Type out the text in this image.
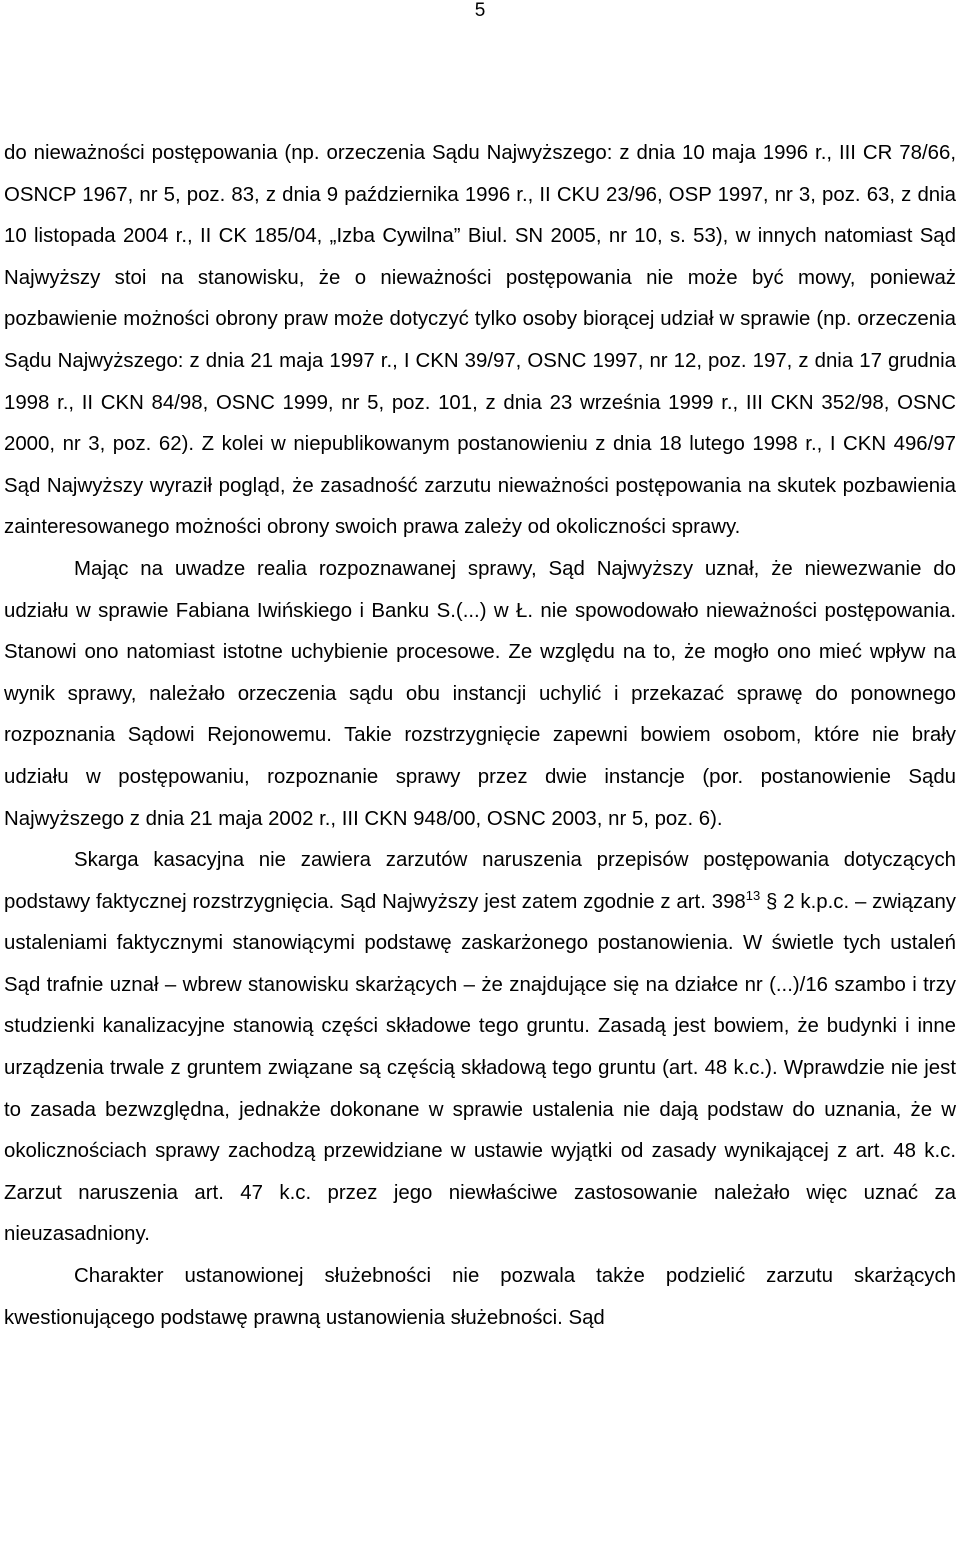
5

do nieważności postępowania (np. orzeczenia Sądu Najwyższego: z dnia 10 maja 1996 r., III CR 78/66, OSNCP 1967, nr 5, poz. 83, z dnia 9 października 1996 r., II CKU 23/96, OSP 1997, nr 3, poz. 63, z dnia 10 listopada 2004 r., II CK 185/04, „Izba Cywilna” Biul. SN 2005, nr 10, s. 53), w innych natomiast Sąd Najwyższy stoi na stanowisku, że o nieważności postępowania nie może być mowy, ponieważ pozbawienie możności obrony praw może dotyczyć tylko osoby biorącej udział w sprawie (np. orzeczenia Sądu Najwyższego: z dnia 21 maja 1997 r., I CKN 39/97, OSNC 1997, nr 12, poz. 197, z dnia 17 grudnia 1998 r., II CKN 84/98, OSNC 1999, nr 5, poz. 101, z dnia 23 września 1999 r., III CKN 352/98, OSNC 2000, nr 3, poz. 62). Z kolei w niepublikowanym postanowieniu z dnia 18 lutego 1998 r., I CKN 496/97 Sąd Najwyższy wyraził pogląd, że zasadność zarzutu nieważności postępowania na skutek pozbawienia zainteresowanego możności obrony swoich prawa zależy od okoliczności sprawy.

Mając na uwadze realia rozpoznawanej sprawy, Sąd Najwyższy uznał, że niewezwanie do udziału w sprawie Fabiana Iwińskiego i Banku S.(...) w Ł. nie spowodowało nieważności postępowania. Stanowi ono natomiast istotne uchybienie procesowe. Ze względu na to, że mogło ono mieć wpływ na wynik sprawy, należało orzeczenia sądu obu instancji uchylić i przekazać sprawę do ponownego rozpoznania Sądowi Rejonowemu. Takie rozstrzygnięcie zapewni bowiem osobom, które nie brały udziału w postępowaniu, rozpoznanie sprawy przez dwie instancje (por. postanowienie Sądu Najwyższego z dnia 21 maja 2002 r., III CKN 948/00, OSNC 2003, nr 5, poz. 6).

Skarga kasacyjna nie zawiera zarzutów naruszenia przepisów postępowania dotyczących podstawy faktycznej rozstrzygnięcia. Sąd Najwyższy jest zatem zgodnie z art. $398^{13}$ § 2 k.p.c. – związany ustaleniami faktycznymi stanowiącymi podstawę zaskarżonego postanowienia. W świetle tych ustaleń Sąd trafnie uznał – wbrew stanowisku skarżących – że znajdujące się na działce nr (...)/16 szambo i trzy studzienki kanalizacyjne stanowią części składowe tego gruntu. Zasadą jest bowiem, że budynki i inne urządzenia trwale z gruntem związane są częścią składową tego gruntu (art. 48 k.c.). Wprawdzie nie jest to zasada bezwzględna, jednakże dokonane w sprawie ustalenia nie dają podstaw do uznania, że w okolicznościach sprawy zachodzą przewidziane w ustawie wyjątki od zasady wynikającej z art. 48 k.c. Zarzut naruszenia art. 47 k.c. przez jego niewłaściwe zastosowanie należało więc uznać za nieuzasadniony.

Charakter ustanowionej służebności nie pozwala także podzielić zarzutu skarżących kwestionującego podstawę prawną ustanowienia służebności. Sąd
